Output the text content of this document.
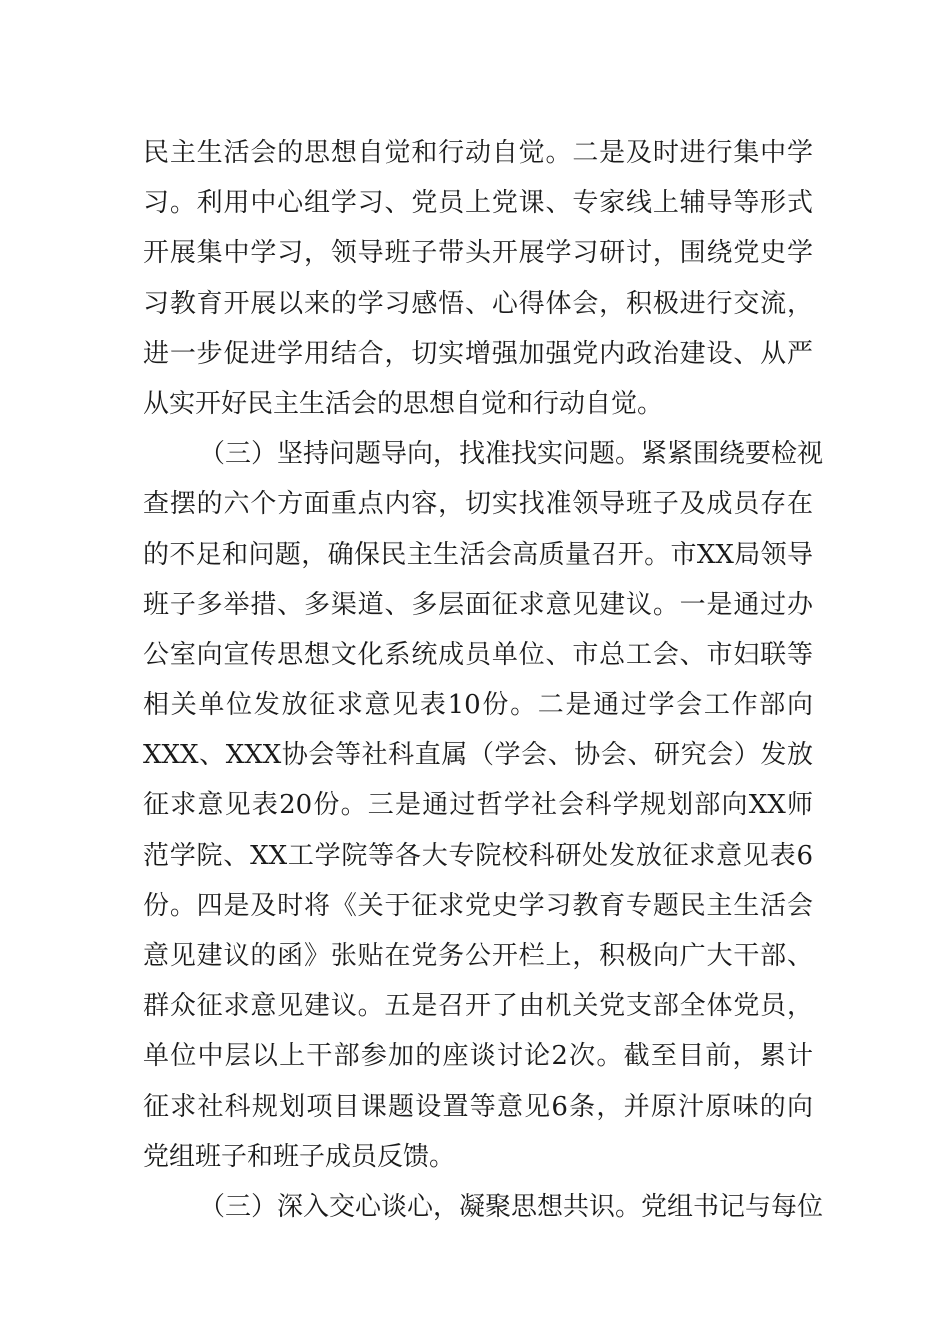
民主生活会的思想自觉和行动自觉。二是及时进行集中学
习。利用中心组学习、党员上党课、专家线上辅导等形式
开展集中学习，领导班子带头开展学习研讨，围绕党史学
习教育开展以来的学习感悟、心得体会，积极进行交流，
进一步促进学用结合，切实增强加强党内政治建设、从严
从实开好民主生活会的思想自觉和行动自觉。
（三）坚持问题导向，找准找实问题。紧紧围绕要检视
查摆的六个方面重点内容，切实找准领导班子及成员存在
的不足和问题，确保民主生活会高质量召开。市XX局领导
班子多举措、多渠道、多层面征求意见建议。一是通过办
公室向宣传思想文化系统成员单位、市总工会、市妇联等
相关单位发放征求意见表10份。二是通过学会工作部向
XXX、XXX协会等社科直属（学会、协会、研究会）发放
征求意见表20份。三是通过哲学社会科学规划部向XX师
范学院、XX工学院等各大专院校科研处发放征求意见表6
份。四是及时将《关于征求党史学习教育专题民主生活会
意见建议的函》张贴在党务公开栏上，积极向广大干部、
群众征求意见建议。五是召开了由机关党支部全体党员，
单位中层以上干部参加的座谈讨论2次。截至目前，累计
征求社科规划项目课题设置等意见6条，并原汁原味的向
党组班子和班子成员反馈。
（三）深入交心谈心，凝聚思想共识。党组书记与每位
